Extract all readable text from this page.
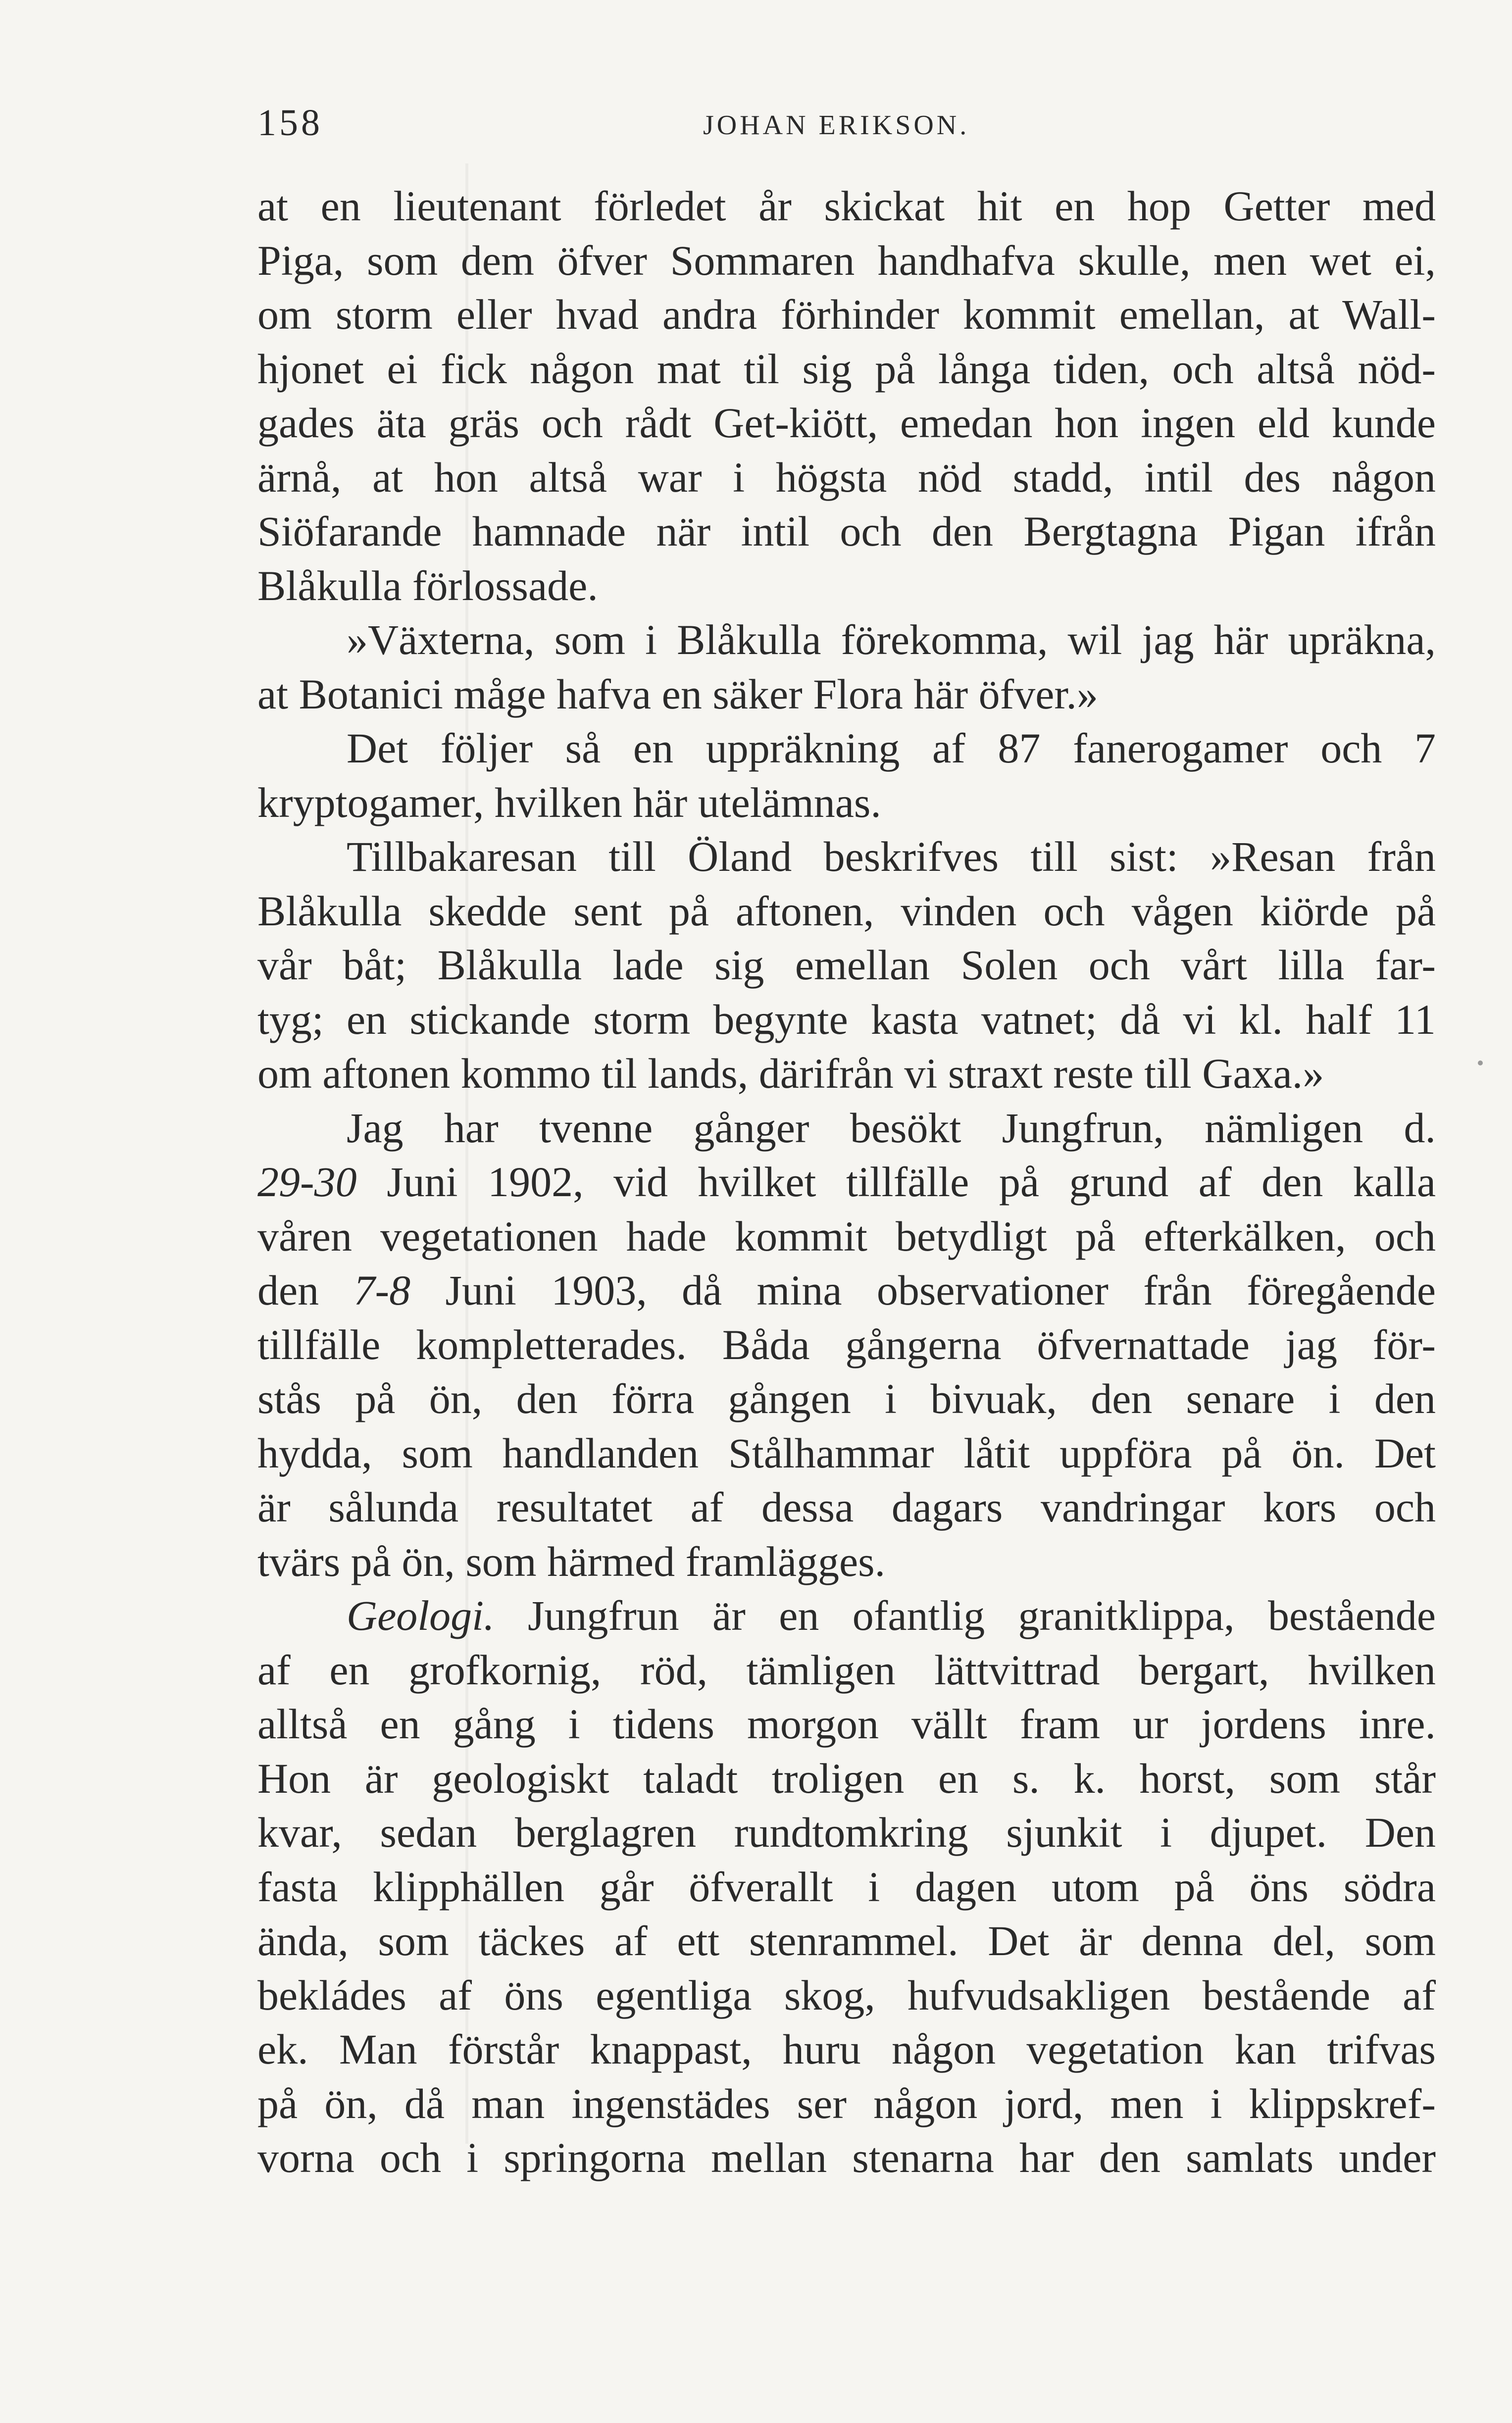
158	JOHAN ERIKSON.
at en lieutenant förledet år skickat hit en hop Getter med
Piga, som dem öfver Sommaren handhafva skulle, men wet ei,
om storm eller hvad andra förhinder kommit emellan, at Wall-
hjonet ei fick någon mat til sig på långa tiden, och altså nöd-
gades äta gräs och rådt Get-kiött, emedan hon ingen eld kunde
ärnå, at hon altså war i högsta nöd stadd, intil des någon
Siöfarande hamnade när intil och den Bergtagna Pigan ifrån
Blåkulla förlossade.
»Växterna, som i Blåkulla förekomma, wil jag här upräkna,
at Botanici måge hafva en säker Flora här öfver.»
Det följer så en uppräkning af 87 fanerogamer och 7
kryptogamer, hvilken här utelämnas.
Tillbakaresan till Öland beskrifves till sist: »Resan från
Blåkulla skedde sent på aftonen, vinden och vågen kiörde på
vår båt; Blåkulla lade sig emellan Solen och vårt lilla far-
tyg; en stickande storm begynte kasta vatnet; då vi kl. half 11
om aftonen kommo til lands, därifrån vi straxt reste till Gaxa.»
Jag har tvenne gånger besökt Jungfrun, nämligen d.
29-30 Juni 1902, vid hvilket tillfälle på grund af den kalla
våren vegetationen hade kommit betydligt på efterkälken, och
den 7-8 Juni 1903, då mina observationer från föregående
tillfälle kompletterades. Båda gångerna öfvernattade jag för-
stås på ön, den förra gången i bivuak, den senare i den
hydda, som handlanden Stålhammar låtit uppföra på ön. Det
är sålunda resultatet af dessa dagars vandringar kors och
tvärs på ön, som härmed framlägges.
Geologi. Jungfrun är en ofantlig granitklippa, bestående
af en grofkornig, röd, tämligen lättvittrad bergart, hvilken
alltså en gång i tidens morgon vällt fram ur jordens inre.
Hon är geologiskt taladt troligen en s. k. horst, som står
kvar, sedan berglagren rundtomkring sjunkit i djupet. Den
fasta klipphällen går öfverallt i dagen utom på öns södra
ända, som täckes af ett stenrammel. Det är denna del, som
bekládes af öns egentliga skog, hufvudsakligen bestående af
ek. Man förstår knappast, huru någon vegetation kan trifvas
på ön, då man ingenstädes ser någon jord, men i klippskref-
vorna och i springorna mellan stenarna har den samlats under
